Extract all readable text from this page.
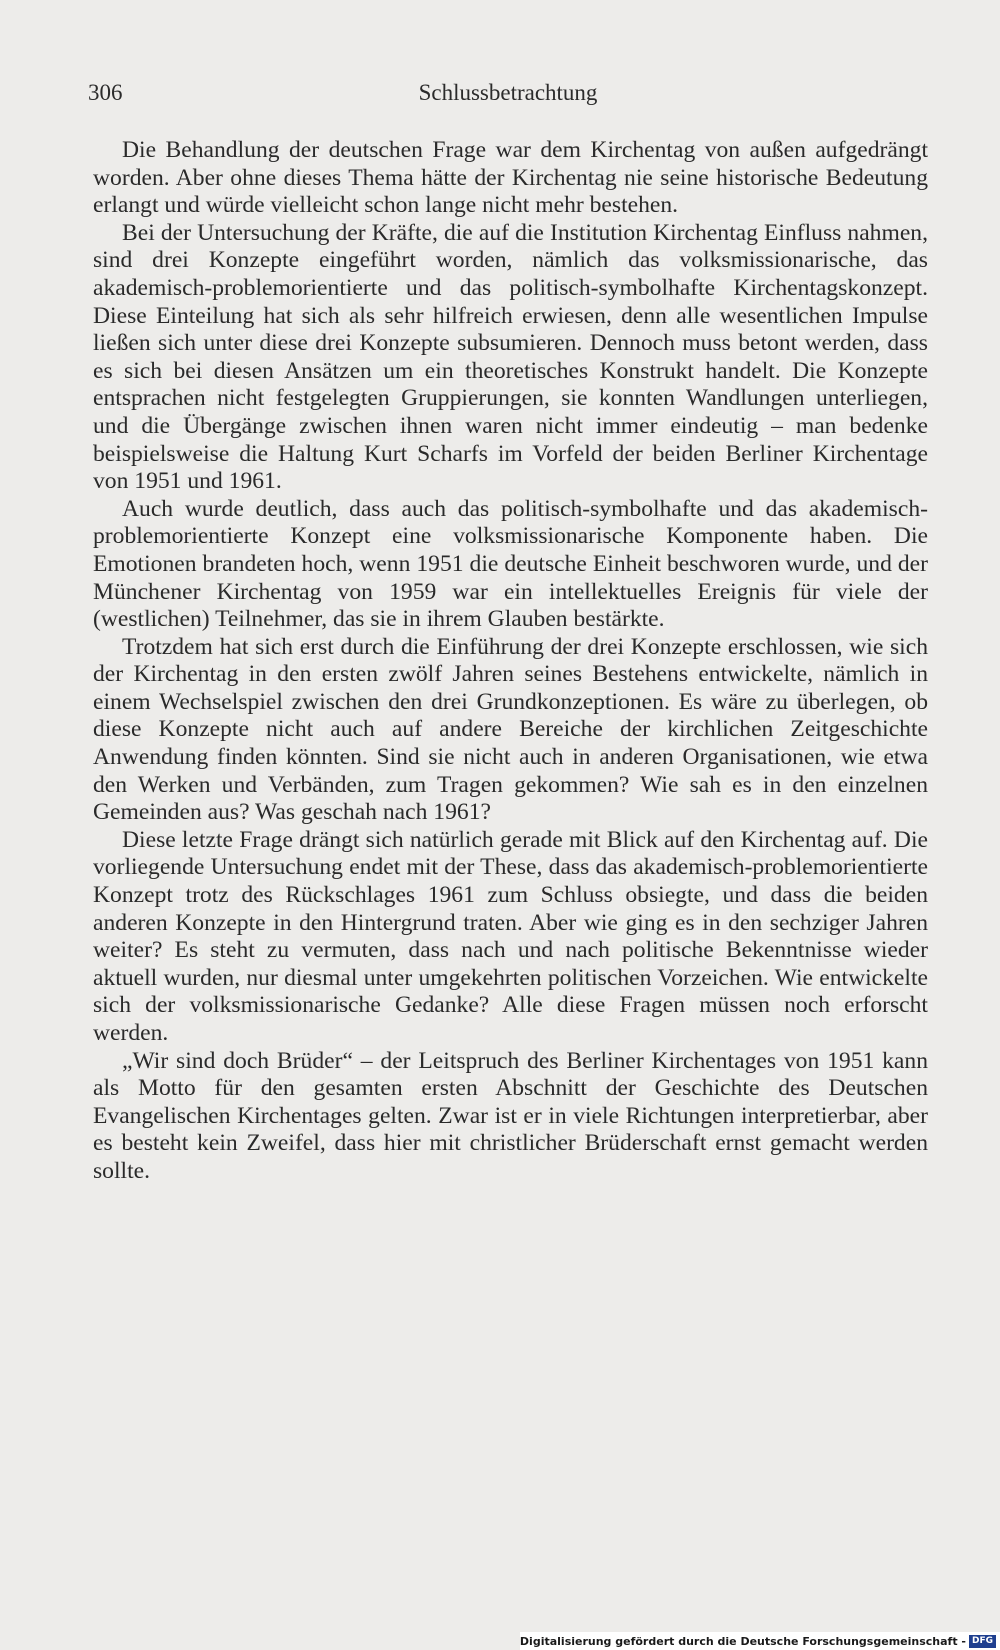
306	Schlussbetrachtung

Die Behandlung der deutschen Frage war dem Kirchentag von außen aufgedrängt worden. Aber ohne dieses Thema hätte der Kirchentag nie seine historische Bedeutung erlangt und würde vielleicht schon lange nicht mehr bestehen.

Bei der Untersuchung der Kräfte, die auf die Institution Kirchentag Einfluss nahmen, sind drei Konzepte eingeführt worden, nämlich das volksmissionarische, das akademisch-problemorientierte und das politisch-symbolhafte Kirchentagskonzept. Diese Einteilung hat sich als sehr hilfreich erwiesen, denn alle wesentlichen Impulse ließen sich unter diese drei Konzepte subsumieren. Dennoch muss betont werden, dass es sich bei diesen Ansätzen um ein theoretisches Konstrukt handelt. Die Konzepte entsprachen nicht festgelegten Gruppierungen, sie konnten Wandlungen unterliegen, und die Übergänge zwischen ihnen waren nicht immer eindeutig – man bedenke beispielsweise die Haltung Kurt Scharfs im Vorfeld der beiden Berliner Kirchentage von 1951 und 1961.

Auch wurde deutlich, dass auch das politisch-symbolhafte und das akademisch-problemorientierte Konzept eine volksmissionarische Komponente haben. Die Emotionen brandeten hoch, wenn 1951 die deutsche Einheit beschworen wurde, und der Münchener Kirchentag von 1959 war ein intellektuelles Ereignis für viele der (westlichen) Teilnehmer, das sie in ihrem Glauben bestärkte.

Trotzdem hat sich erst durch die Einführung der drei Konzepte erschlossen, wie sich der Kirchentag in den ersten zwölf Jahren seines Bestehens entwickelte, nämlich in einem Wechselspiel zwischen den drei Grundkonzeptionen. Es wäre zu überlegen, ob diese Konzepte nicht auch auf andere Bereiche der kirchlichen Zeitgeschichte Anwendung finden könnten. Sind sie nicht auch in anderen Organisationen, wie etwa den Werken und Verbänden, zum Tragen gekommen? Wie sah es in den einzelnen Gemeinden aus? Was geschah nach 1961?

Diese letzte Frage drängt sich natürlich gerade mit Blick auf den Kirchentag auf. Die vorliegende Untersuchung endet mit der These, dass das akademisch-problemorientierte Konzept trotz des Rückschlages 1961 zum Schluss obsiegte, und dass die beiden anderen Konzepte in den Hintergrund traten. Aber wie ging es in den sechziger Jahren weiter? Es steht zu vermuten, dass nach und nach politische Bekenntnisse wieder aktuell wurden, nur diesmal unter umgekehrten politischen Vorzeichen. Wie entwickelte sich der volksmissionarische Gedanke? Alle diese Fragen müssen noch erforscht werden.

„Wir sind doch Brüder“ – der Leitspruch des Berliner Kirchentages von 1951 kann als Motto für den gesamten ersten Abschnitt der Geschichte des Deutschen Evangelischen Kirchentages gelten. Zwar ist er in viele Richtungen interpretierbar, aber es besteht kein Zweifel, dass hier mit christlicher Brüderschaft ernst gemacht werden sollte.

Digitalisierung gefördert durch die Deutsche Forschungsgemeinschaft - DFG
